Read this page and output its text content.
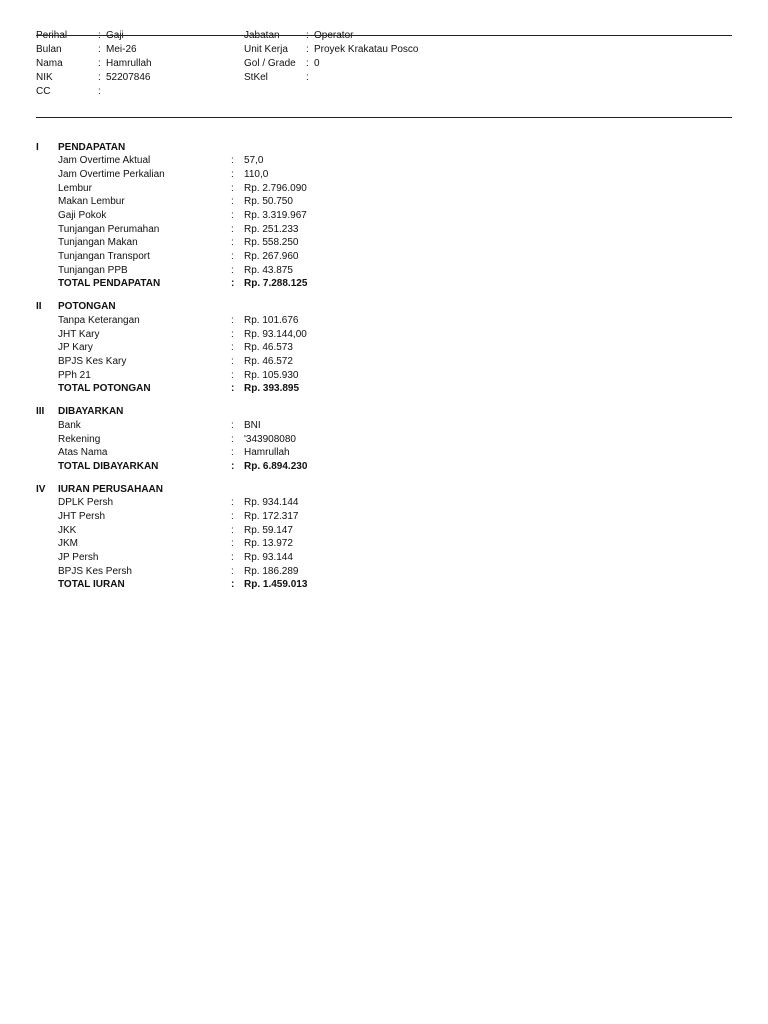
Perihal	: Gaji
Bulan	: Mei-26
Nama	: Hamrullah
NIK	: 52207846
CC	:
Jabatan	: Operator
Unit Kerja : Proyek Krakatau Posco
Gol / Grade : 0
StKel	:
I PENDAPATAN
Jam Overtime Aktual	: 57,0
Jam Overtime Perkalian	: 110,0
Lembur	: Rp. 2.796.090
Makan Lembur	: Rp. 50.750
Gaji Pokok	: Rp. 3.319.967
Tunjangan Perumahan	: Rp. 251.233
Tunjangan Makan	: Rp. 558.250
Tunjangan Transport	: Rp. 267.960
Tunjangan PPB	: Rp. 43.875
TOTAL PENDAPATAN	: Rp. 7.288.125
II POTONGAN
Tanpa Keterangan	: Rp. 101.676
JHT Kary	: Rp. 93.144,00
JP Kary	: Rp. 46.573
BPJS Kes Kary	: Rp. 46.572
PPh 21	: Rp. 105.930
TOTAL POTONGAN	: Rp. 393.895
III DIBAYARKAN
Bank	: BNI
Rekening	: '343908080
Atas Nama	: Hamrullah
TOTAL DIBAYARKAN	: Rp. 6.894.230
IV IURAN PERUSAHAAN
DPLK Persh	: Rp. 934.144
JHT Persh	: Rp. 172.317
JKK	: Rp. 59.147
JKM	: Rp. 13.972
JP Persh	: Rp. 93.144
BPJS Kes Persh	: Rp. 186.289
TOTAL IURAN	: Rp. 1.459.013
